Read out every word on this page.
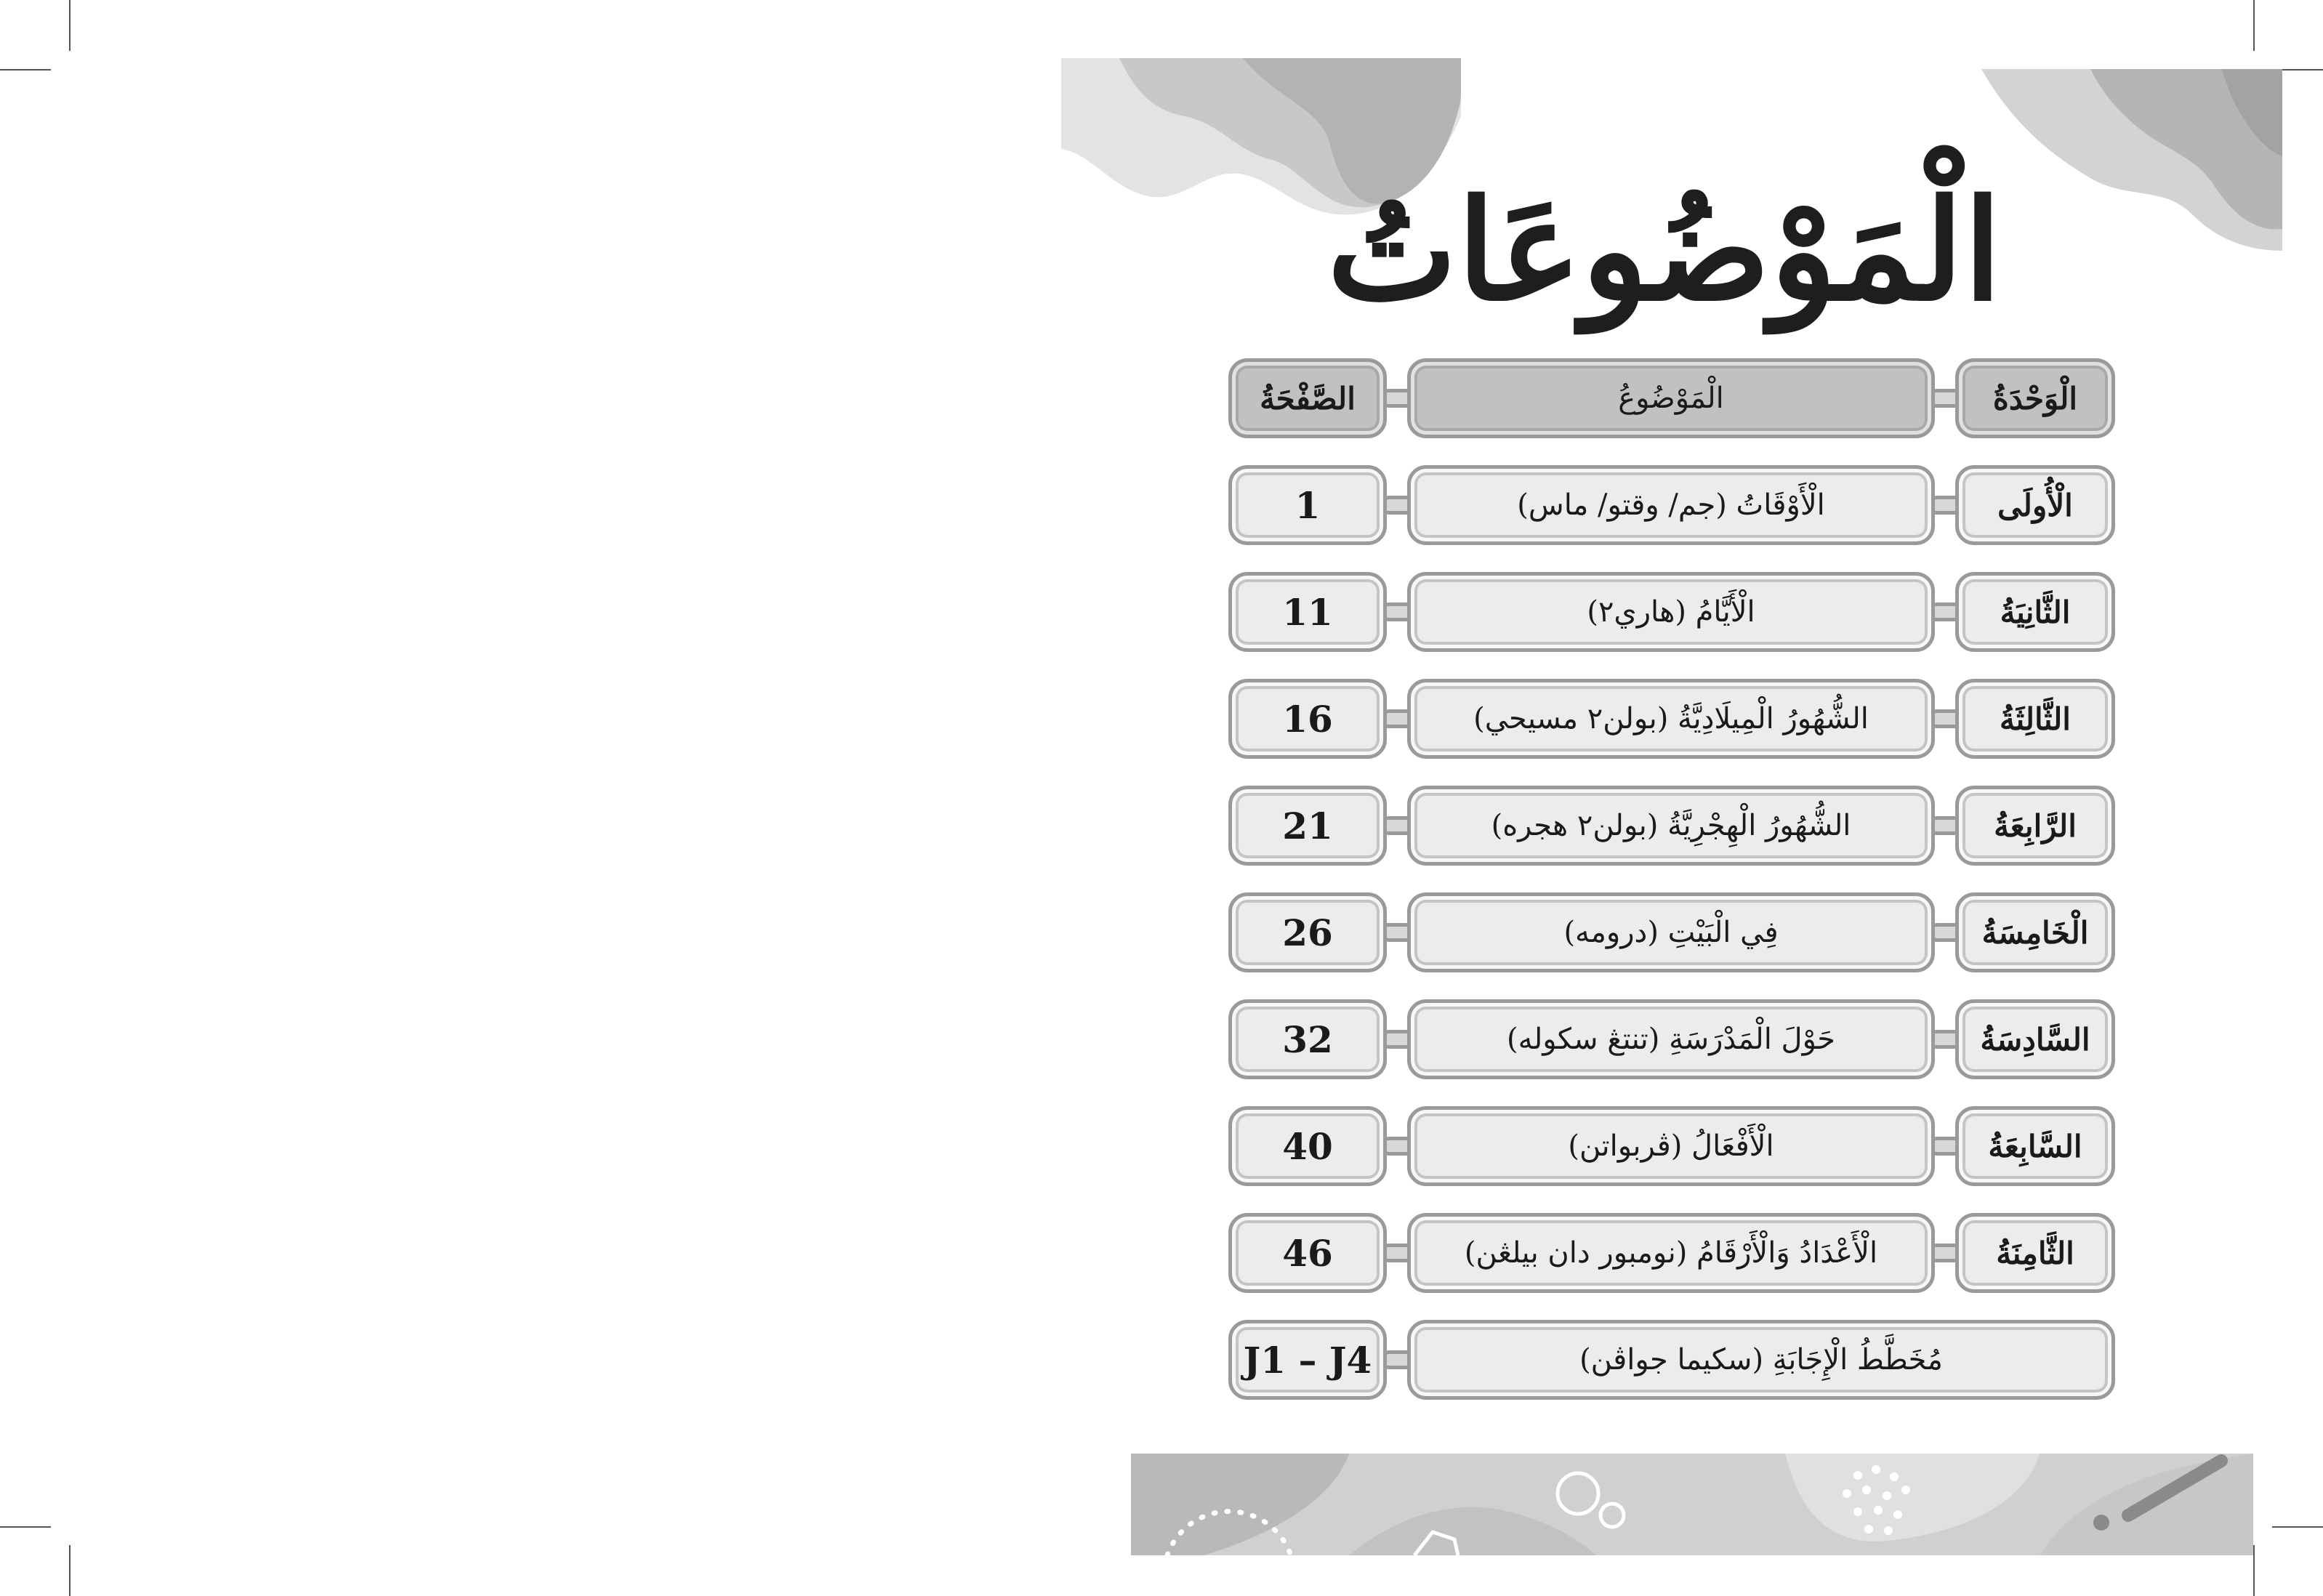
الْمَوْضُوعَاتُ
الْوَحْدَةُ
الْمَوْضُوعُ
الصَّفْحَةُ
الْأُولَى
الْأَوْقَاتُ (جم/ وقتو/ ماس)
1
الثَّانِيَةُ
الْأَيَّامُ (هاري٢)
11
الثَّالِثَةُ
الشُّهُورُ الْمِيلَادِيَّةُ (بولن٢ مسيحي)
16
الرَّابِعَةُ
الشُّهُورُ الْهِجْرِيَّةُ (بولن٢ هجره)
21
الْخَامِسَةُ
فِي الْبَيْتِ (درومه)
26
السَّادِسَةُ
حَوْلَ الْمَدْرَسَةِ (تنتڠ سكوله)
32
السَّابِعَةُ
الْأَفْعَالُ (ڤربواتن)
40
الثَّامِنَةُ
الْأَعْدَادُ وَالْأَرْقَامُ (نومبور دان بيلڠن)
46
مُخَطَّطُ الْإِجَابَةِ (سکيما جواڤن)
J1 – J4
